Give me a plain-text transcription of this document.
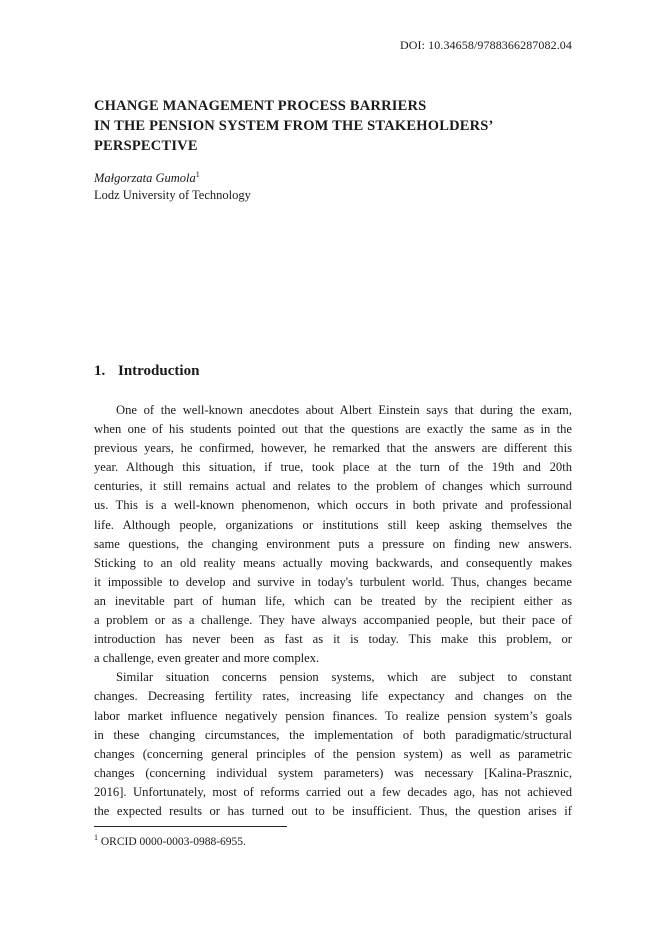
DOI: 10.34658/9788366287082.04
CHANGE MANAGEMENT PROCESS BARRIERS
IN THE PENSION SYSTEM FROM THE STAKEHOLDERS’
PERSPECTIVE
Małgorzata Gumola$^1$
Lodz University of Technology
1. Introduction
One of the well-known anecdotes about Albert Einstein says that during the exam,
when one of his students pointed out that the questions are exactly the same as in the
previous years, he confirmed, however, he remarked that the answers are different this
year. Although this situation, if true, took place at the turn of the 19th and 20th
centuries, it still remains actual and relates to the problem of changes which surround
us. This is a well-known phenomenon, which occurs in both private and professional
life. Although people, organizations or institutions still keep asking themselves the
same questions, the changing environment puts a pressure on finding new answers.
Sticking to an old reality means actually moving backwards, and consequently makes
it impossible to develop and survive in today's turbulent world. Thus, changes became
an inevitable part of human life, which can be treated by the recipient either as
a problem or as a challenge. They have always accompanied people, but their pace of
introduction has never been as fast as it is today. This make this problem, or
a challenge, even greater and more complex.
Similar situation concerns pension systems, which are subject to constant
changes. Decreasing fertility rates, increasing life expectancy and changes on the
labor market influence negatively pension finances. To realize pension system’s goals
in these changing circumstances, the implementation of both paradigmatic/structural
changes (concerning general principles of the pension system) as well as parametric
changes (concerning individual system parameters) was necessary [Kalina-Prasznic,
2016]. Unfortunately, most of reforms carried out a few decades ago, has not achieved
the expected results or has turned out to be insufficient. Thus, the question arises if
$^1$ ORCID 0000-0003-0988-6955.
